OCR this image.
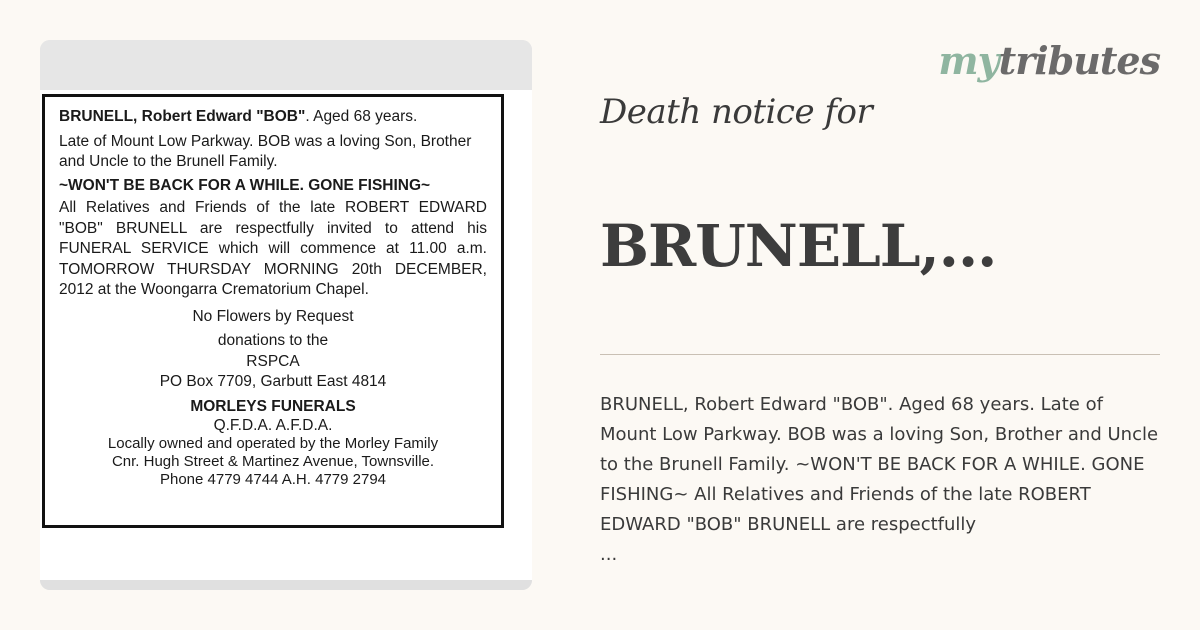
BRUNELL, Robert Edward "BOB". Aged 68 years.

Late of Mount Low Parkway. BOB was a loving Son, Brother and Uncle to the Brunell Family.

~WON'T BE BACK FOR A WHILE. GONE FISHING~

All Relatives and Friends of the late ROBERT EDWARD "BOB" BRUNELL are respectfully invited to attend his FUNERAL SERVICE which will commence at 11.00 a.m. TOMORROW THURSDAY MORNING 20th DECEMBER, 2012 at the Woongarra Crematorium Chapel.

No Flowers by Request

donations to the

RSPCA

PO Box 7709, Garbutt East 4814

MORLEYS FUNERALS

Q.F.D.A. A.F.D.A.

Locally owned and operated by the Morley Family

Cnr. Hugh Street & Martinez Avenue, Townsville.

Phone 4779 4744 A.H. 4779 2794

mytributes
Death notice for
BRUNELL,...
BRUNELL, Robert Edward "BOB". Aged 68 years. Late of Mount Low Parkway. BOB was a loving Son, Brother and Uncle to the Brunell Family. ~WON'T BE BACK FOR A WHILE. GONE FISHING~ All Relatives and Friends of the late ROBERT EDWARD "BOB" BRUNELL are respectfully
...
